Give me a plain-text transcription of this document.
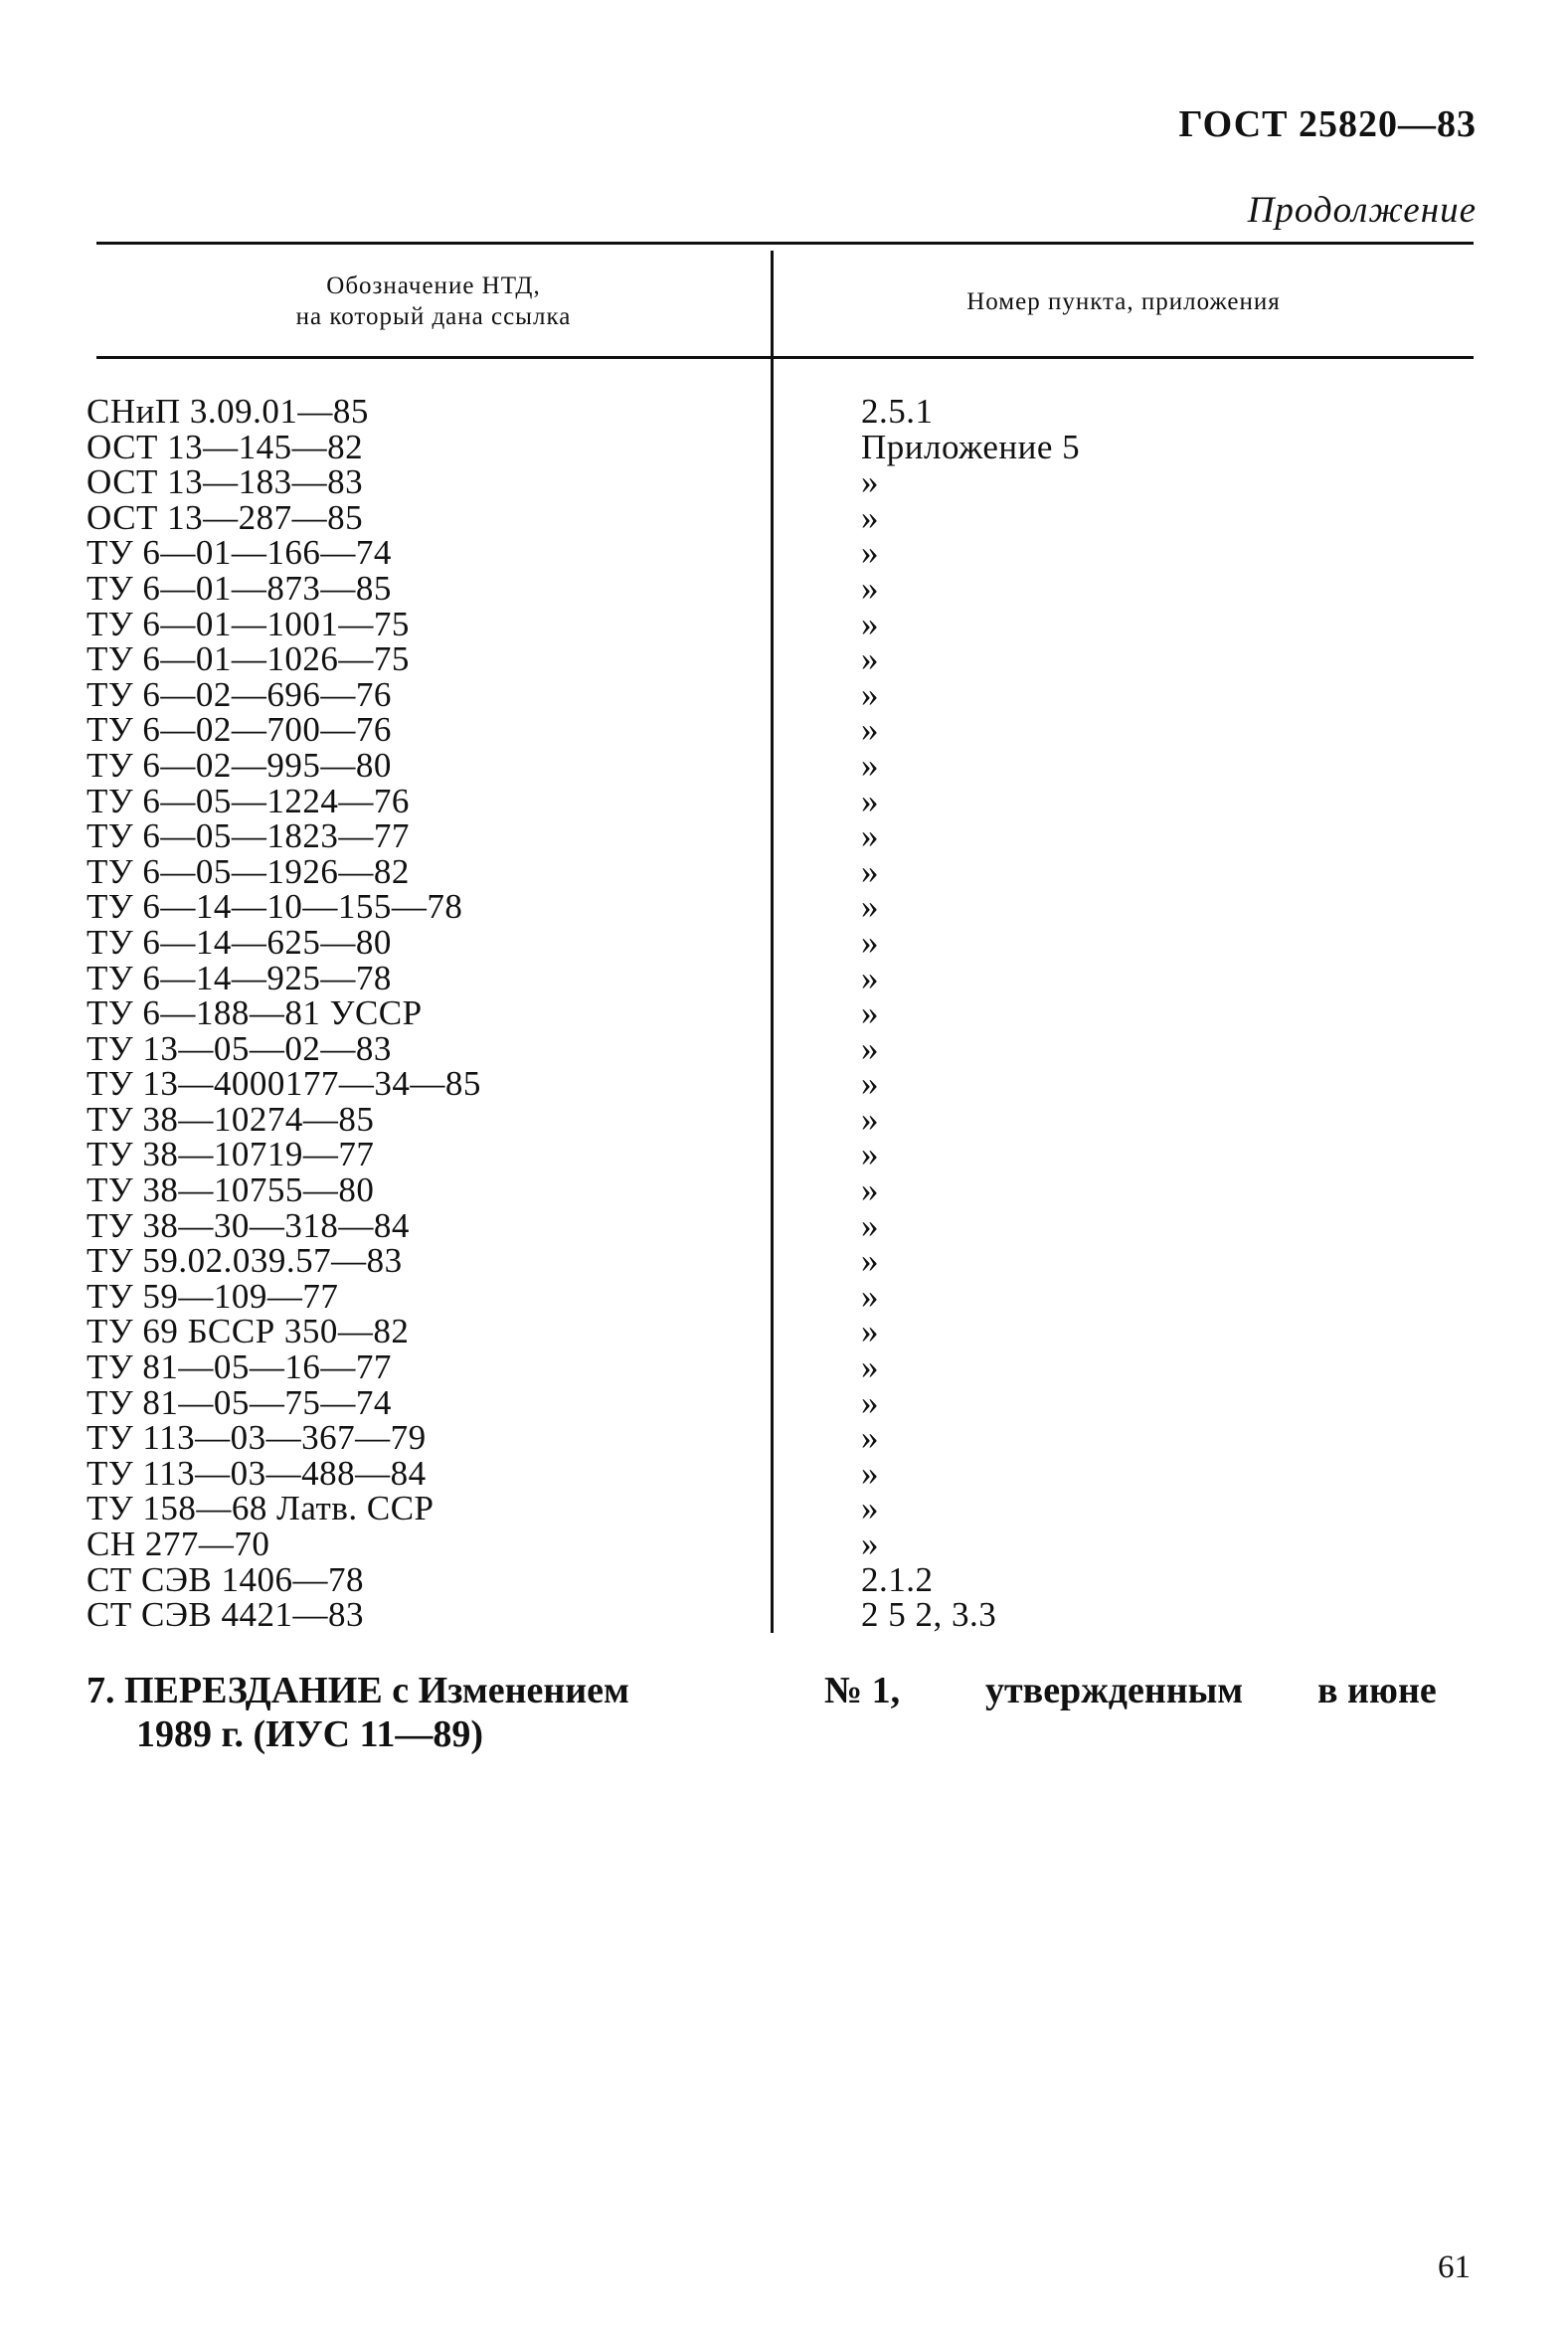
ГОСТ 25820—83
Продолжение
Обозначение НТД,
на который дана ссылка
Номер пункта, приложения
СНиП 3.09.01—85	2.5.1
ОСТ 13—145—82	Приложение 5
ОСТ 13—183—83	»
ОСТ 13—287—85	»
ТУ 6—01—166—74	»
ТУ 6—01—873—85	»
ТУ 6—01—1001—75	»
ТУ 6—01—1026—75	»
ТУ 6—02—696—76	»
ТУ 6—02—700—76	»
ТУ 6—02—995—80	»
ТУ 6—05—1224—76	»
ТУ 6—05—1823—77	»
ТУ 6—05—1926—82	»
ТУ 6—14—10—155—78	»
ТУ 6—14—625—80	»
ТУ 6—14—925—78	»
ТУ 6—188—81 УССР	»
ТУ 13—05—02—83	»
ТУ 13—4000177—34—85	»
ТУ 38—10274—85	»
ТУ 38—10719—77	»
ТУ 38—10755—80	»
ТУ 38—30—318—84	»
ТУ 59.02.039.57—83	»
ТУ 59—109—77	»
ТУ 69 БССР 350—82	»
ТУ 81—05—16—77	»
ТУ 81—05—75—74	»
ТУ 113—03—367—79	»
ТУ 113—03—488—84	»
ТУ 158—68 Латв. ССР	»
СН 277—70	»
СТ СЭВ 1406—78	2.1.2
СТ СЭВ 4421—83	2 5 2, 3.3
7. ПЕРЕЗДАНИЕ с Изменением	№ 1, утвержденным в июне
1989 г. (ИУС 11—89)
61
